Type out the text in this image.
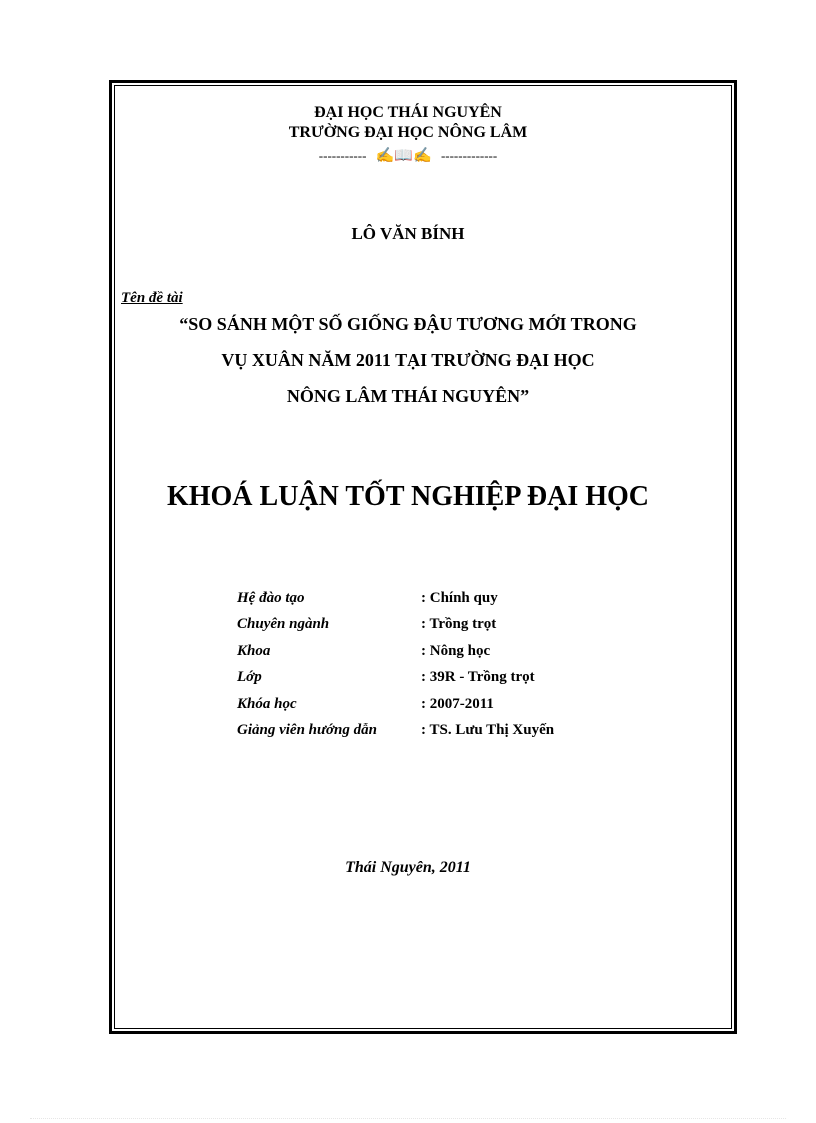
ĐẠI HỌC THÁI NGUYÊN
TRƯỜNG ĐẠI HỌC NÔNG LÂM
----------- ✍📖✍ -------------
LÔ VĂN BÍNH
Tên đề tài
“SO SÁNH MỘT SỐ GIỐNG ĐẬU TƯƠNG MỚI TRONG
VỤ XUÂN NĂM 2011 TẠI TRƯỜNG ĐẠI HỌC
NÔNG LÂM THÁI NGUYÊN”
KHOÁ LUẬN TỐT NGHIỆP ĐẠI HỌC
Hệ đào tạo	: Chính quy
Chuyên ngành	: Trồng trọt
Khoa	: Nông học
Lớp	: 39R - Trồng trọt
Khóa học	: 2007-2011
Giảng viên hướng dẫn	: TS. Lưu Thị Xuyến
Thái Nguyên, 2011
